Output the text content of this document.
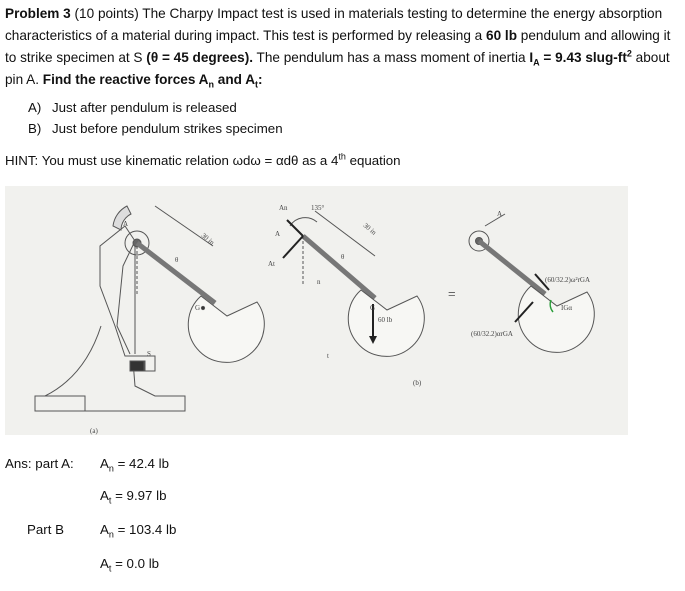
Problem 3 (10 points) The Charpy Impact test is used in materials testing to determine the energy absorption characteristics of a material during impact. This test is performed by releasing a 60 lb pendulum and allowing it to strike specimen at S (θ = 45 degrees). The pendulum has a mass moment of inertia $I_A = 9.43$ slug-$ft^2$ about pin A. Find the reactive forces $A_n$ and $A_t$:

A) Just after pendulum is released
B) Just before pendulum strikes specimen

HINT: You must use kinematic relation ωdω = αdθ as a 4th equation

A
G
S
θ
30 in
(a)
An
At
135°
A
θ
n
t
G
60 lb
30 in
(b)
=
A
(60/32.2)ω²rGA
(60/32.2)αrGA
IGα

Ans: part A: $A_n = 42.4$ lb

$A_t = 9.97$ lb

Part B	$A_n = 103.4$ lb

$A_t = 0.0$ lb
